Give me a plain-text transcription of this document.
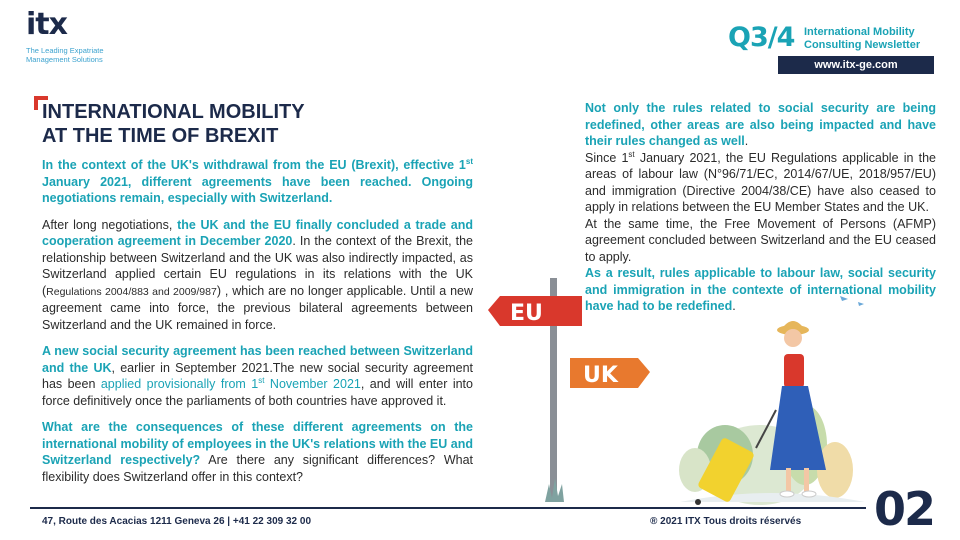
itx
The Leading Expatriate Management Solutions
Q3/4 International Mobility Consulting Newsletter
www.itx-ge.com
INTERNATIONAL MOBILITY
AT THE TIME OF BREXIT

In the context of the UK's withdrawal from the EU (Brexit), effective 1st January 2021, different agreements have been reached. Ongoing negotiations remain, especially with Switzerland.

After long negotiations, the UK and the EU finally concluded a trade and cooperation agreement in December 2020. In the context of the Brexit, the relationship between Switzerland and the UK was also indirectly impacted, as Switzerland applied certain EU regulations in its relations with the UK (Regulations 2004/883 and 2009/987) , which are no longer applicable. Until a new agreement came into force, the previous bilateral agreements between Switzerland and the UK remained in force.

A new social security agreement has been reached between Switzerland and the UK, earlier in September 2021.The new social security agreement has been applied provisionally from 1st November 2021, and will enter into force definitively once the parliaments of both countries have approved it.

What are the consequences of these different agreements on the international mobility of employees in the UK's relations with the EU and Switzerland respectively? Are there any significant differences? What flexibility does Switzerland offer in this context?

Not only the rules related to social security are being redefined, other areas are also being impacted and have their rules changed as well.

Since 1st January 2021, the EU Regulations applicable in the areas of labour law (N°96/71/EC, 2014/67/UE, 2018/957/EU) and immigration (Directive 2004/38/CE) have also ceased to apply in relations between the EU Member States and the UK.

At the same time, the Free Movement of Persons (AFMP) agreement concluded between Switzerland and the EU ceased to apply.

As a result, rules applicable to labour law, social security and immigration in the contexte of international mobility have had to be redefined.

EU
UK
47, Route des Acacias 1211 Geneva 26 | +41 22 309 32 00	® 2021 ITX Tous droits réservés 02
